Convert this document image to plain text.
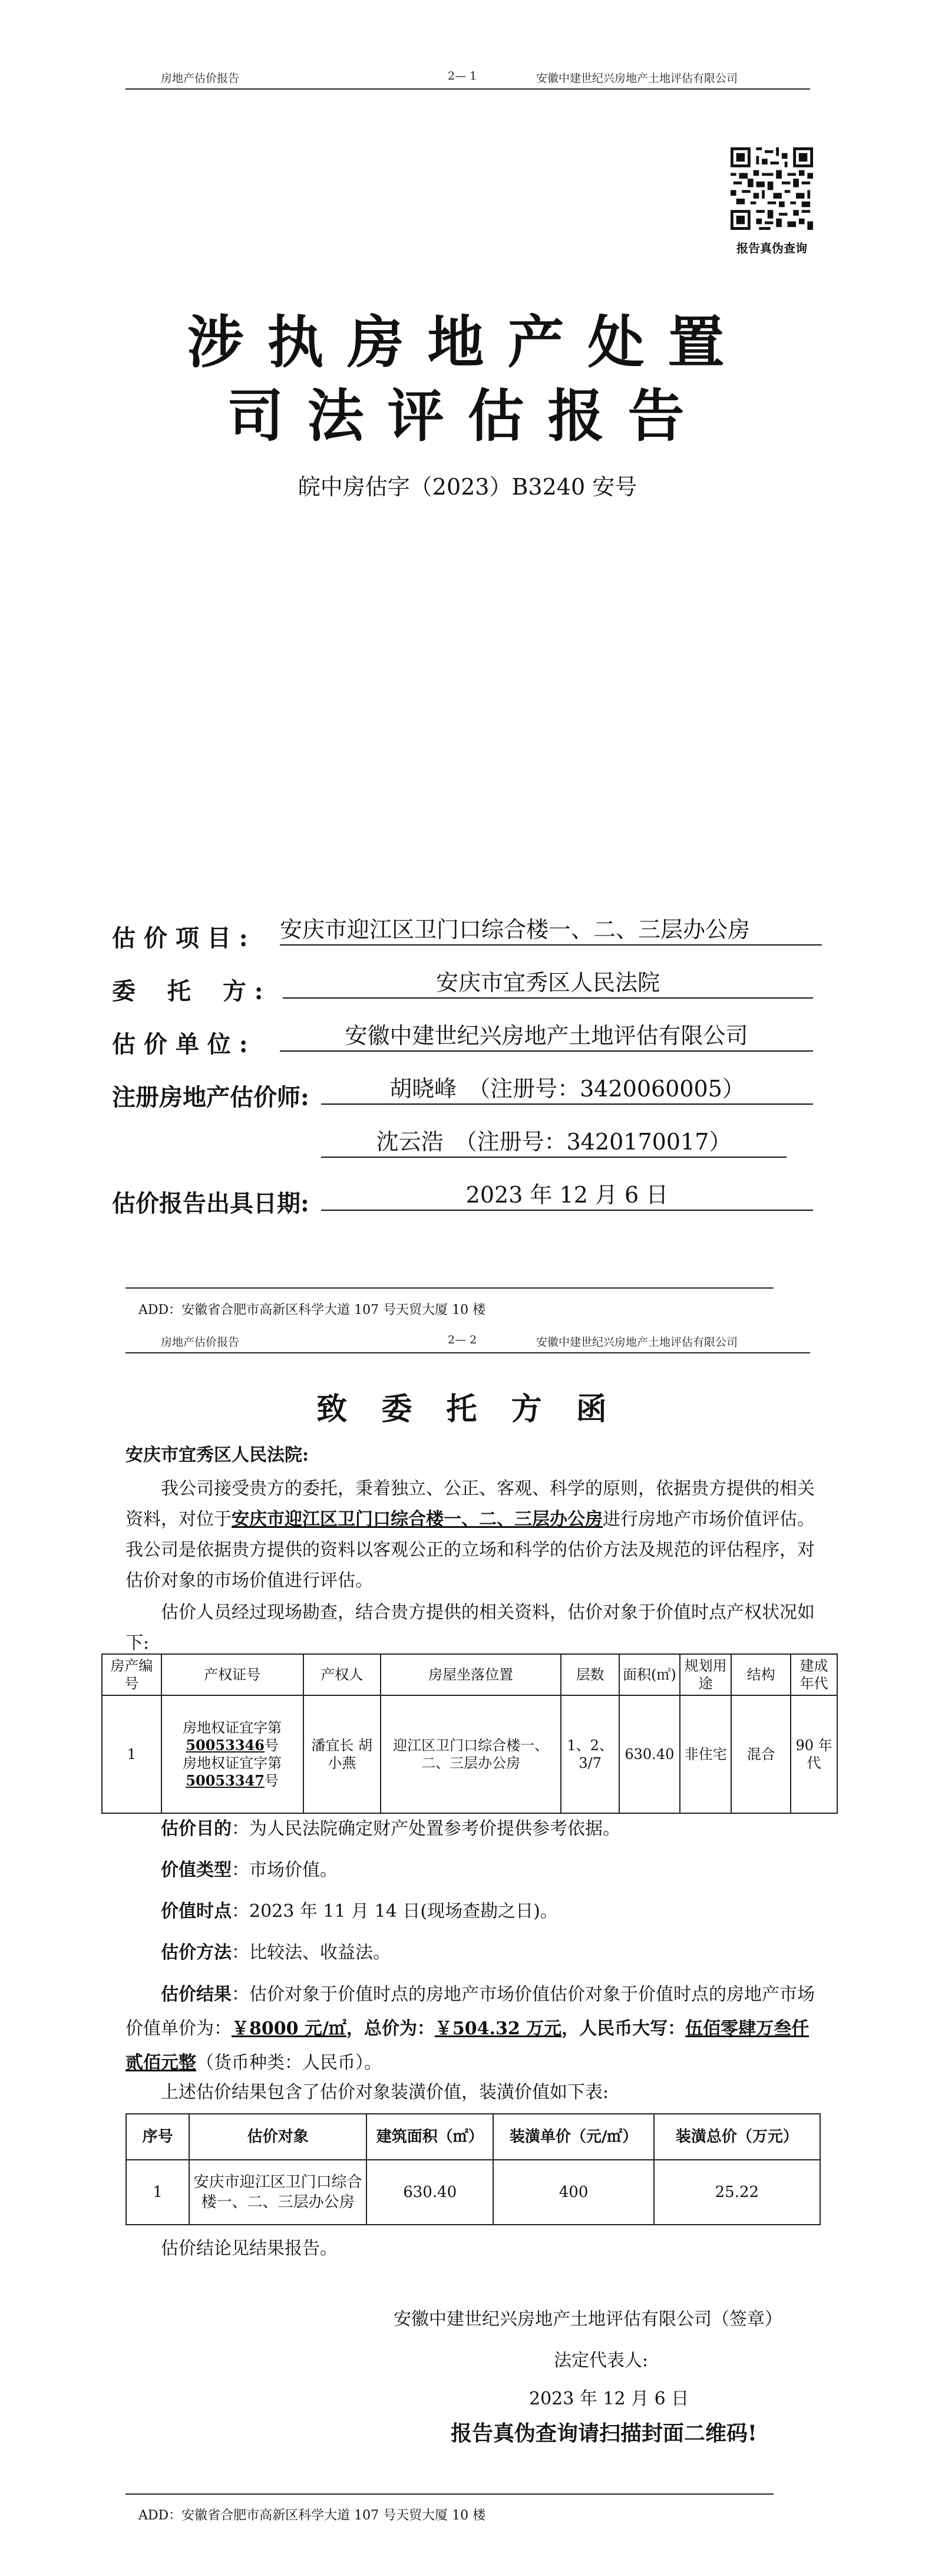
房地产估价报告	2— 1	安徽中建世纪兴房地产土地评估有限公司
报告真伪查询
涉执房地产处置
司法评估报告
皖中房估字（2023）B3240 安号
估 价 项 目 : 安庆市迎江区卫门口综合楼一、二、三层办公房
委　 托　 方 :	安庆市宜秀区人民法院
估 价 单 位 :	安徽中建世纪兴房地产土地评估有限公司
注册房地产估价师:	胡晓峰　（注册号：3420060005）
沈云浩　（注册号：3420170017）
估价报告出具日期:	2023 年 12 月 6 日
ADD：安徽省合肥市高新区科学大道 107 号天贸大厦 10 楼
房地产估价报告	2— 2	安徽中建世纪兴房地产土地评估有限公司
致 委 托 方 函
安庆市宜秀区人民法院:
我公司接受贵方的委托，秉着独立、公正、客观、科学的原则，依据贵方提供的相关资料，对位于安庆市迎江区卫门口综合楼一、二、三层办公房进行房地产市场价值评估。我公司是依据贵方提供的资料以客观公正的立场和科学的估价方法及规范的评估程序，对估价对象的市场价值进行评估。
估价人员经过现场勘查，结合贵方提供的相关资料，估价对象于价值时点产权状况如下:
房产编号	产权证号	产权人	房屋坐落位置	层数	面积(㎡)	规划用途	结构	建成年代
1	房地权证宜字第50053346号
房地权证宜字第50053347号	潘宜长 胡小燕	迎江区卫门口综合楼一、二、三层办公房	1、2、3/7	630.40	非住宅	混合	90 年代
估价目的：为人民法院确定财产处置参考价提供参考依据。
价值类型：市场价值。
价值时点：2023 年 11 月 14 日(现场查勘之日)。
估价方法：比较法、收益法。
估价结果：估价对象于价值时点的房地产市场价值估价对象于价值时点的房地产市场价值单价为：￥8000 元/㎡，总价为：￥504.32 万元，人民币大写：伍佰零肆万叁仟贰佰元整（货币种类：人民币）。
上述估价结果包含了估价对象装潢价值，装潢价值如下表:
序号	估价对象	建筑面积（㎡）	装潢单价（元/㎡）	装潢总价（万元）
1	安庆市迎江区卫门口综合楼一、二、三层办公房	630.40	400	25.22
估价结论见结果报告。
安徽中建世纪兴房地产土地评估有限公司（签章）
法定代表人:
2023 年 12 月 6 日
报告真伪查询请扫描封面二维码!
ADD：安徽省合肥市高新区科学大道 107 号天贸大厦 10 楼
